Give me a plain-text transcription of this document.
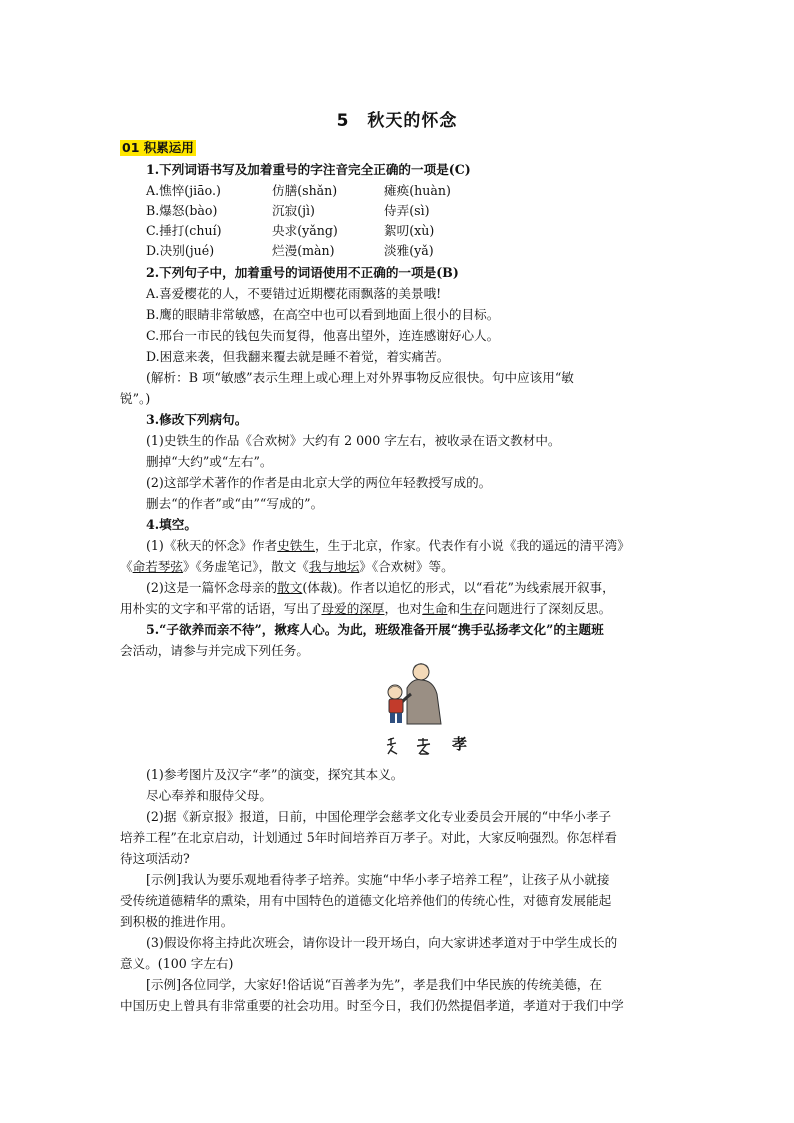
5 秋天的怀念
01 积累运用
1.下列词语书写及加着重号的字注音完全正确的一项是(C)
A.憔悴(jiāo.)	仿膳(shǎn)	瘫痪(huàn)
B.爆怒(bào)	沉寂(jì)	侍弄(sì)
C.捶打(chuí)	央求(yǎng)	絮叨(xù)
D.决别(jué)	烂漫(màn)	淡雅(yǎ)
2.下列句子中，加着重号的词语使用不正确的一项是(B)
A.喜爱樱花的人，不要错过近期樱花雨飘落的美景哦!
B.鹰的眼睛非常敏感，在高空中也可以看到地面上很小的目标。
C.邢台一市民的钱包失而复得，他喜出望外，连连感谢好心人。
D.困意来袭，但我翻来覆去就是睡不着觉，着实痛苦。
(解析：B 项“敏感”表示生理上或心理上对外界事物反应很快。句中应该用“敏
锐”。)
3.修改下列病句。
(1)史铁生的作品《合欢树》大约有 2 000 字左右，被收录在语文教材中。
删掉“大约”或“左右”。
(2)这部学术著作的作者是由北京大学的两位年轻教授写成的。
删去“的作者”或“由”“写成的”。
4.填空。
(1)《秋天的怀念》作者史铁生，生于北京，作家。代表作有小说《我的遥远的清平湾》
《命若琴弦》《务虚笔记》，散文《我与地坛》《合欢树》等。
(2)这是一篇怀念母亲的散文(体裁)。作者以追忆的形式，以“看花”为线索展开叙事，
用朴实的文字和平常的话语，写出了母爱的深厚，也对生命和生存问题进行了深刻反思。
5.“子欲养而亲不待”，揪疼人心。为此，班级准备开展“携手弘扬孝文化”的主题班
会活动，请参与并完成下列任务。
孝
(1)参考图片及汉字“孝”的演变，探究其本义。
尽心奉养和服侍父母。
(2)据《新京报》报道，日前，中国伦理学会慈孝文化专业委员会开展的“中华小孝子
培养工程”在北京启动，计划通过 5年时间培养百万孝子。对此，大家反响强烈。你怎样看
待这项活动?
[示例]我认为要乐观地看待孝子培养。实施“中华小孝子培养工程”，让孩子从小就接
受传统道德精华的熏染，用有中国特色的道德文化培养他们的传统心性，对德育发展能起
到积极的推进作用。
(3)假设你将主持此次班会，请你设计一段开场白，向大家讲述孝道对于中学生成长的
意义。(100 字左右)
[示例]各位同学，大家好!俗话说“百善孝为先”，孝是我们中华民族的传统美德，在
中国历史上曾具有非常重要的社会功用。时至今日，我们仍然提倡孝道，孝道对于我们中学
